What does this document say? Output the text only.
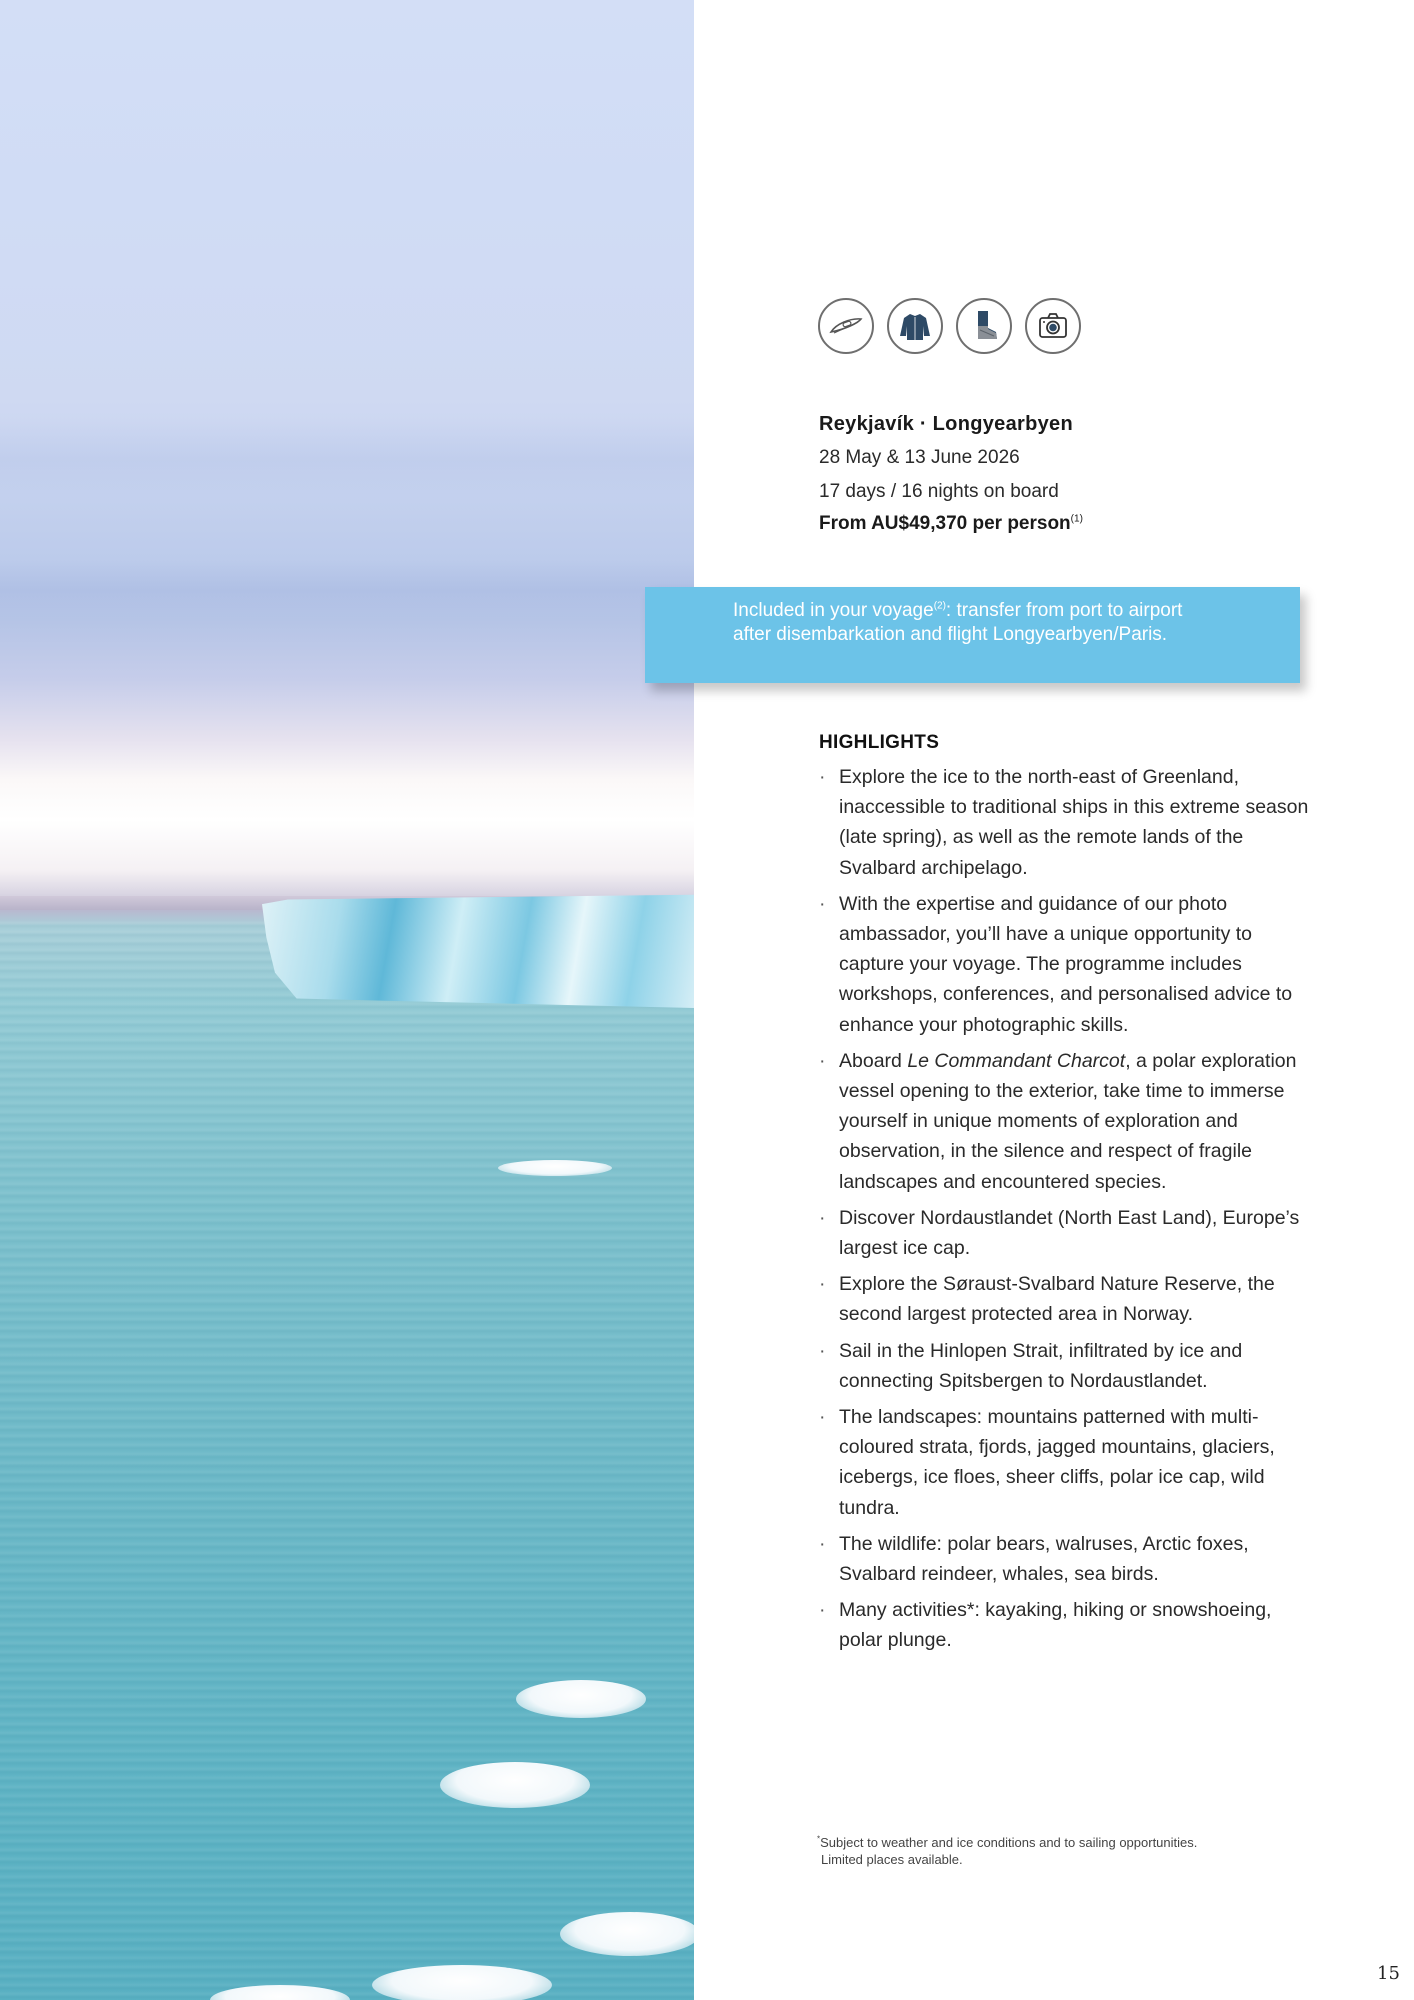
Reykjavík · Longyearbyen
28 May & 13 June 2026
17 days / 16 nights on board
From AU$49,370 per person$^{(1)}$

Included in your voyage$^{(2)}$: transfer from port to airport after disembarkation and flight Longyearbyen/Paris.

HIGHLIGHTS
· Explore the ice to the north-east of Greenland, inaccessible to traditional ships in this extreme season (late spring), as well as the remote lands of the Svalbard archipelago.
· With the expertise and guidance of our photo ambassador, you’ll have a unique opportunity to capture your voyage. The programme includes workshops, conferences, and personalised advice to enhance your photographic skills.
· Aboard Le Commandant Charcot, a polar exploration vessel opening to the exterior, take time to immerse yourself in unique moments of exploration and observation, in the silence and respect of fragile landscapes and encountered species.
· Discover Nordaustlandet (North East Land), Europe’s largest ice cap.
· Explore the Søraust-Svalbard Nature Reserve, the second largest protected area in Norway.
· Sail in the Hinlopen Strait, infiltrated by ice and connecting Spitsbergen to Nordaustlandet.
· The landscapes: mountains patterned with multi-coloured strata, fjords, jagged mountains, glaciers, icebergs, ice floes, sheer cliffs, polar ice cap, wild tundra.
· The wildlife: polar bears, walruses, Arctic foxes, Svalbard reindeer, whales, sea birds.
· Many activities*: kayaking, hiking or snowshoeing, polar plunge.
*Subject to weather and ice conditions and to sailing opportunities.
Limited places available.
15
